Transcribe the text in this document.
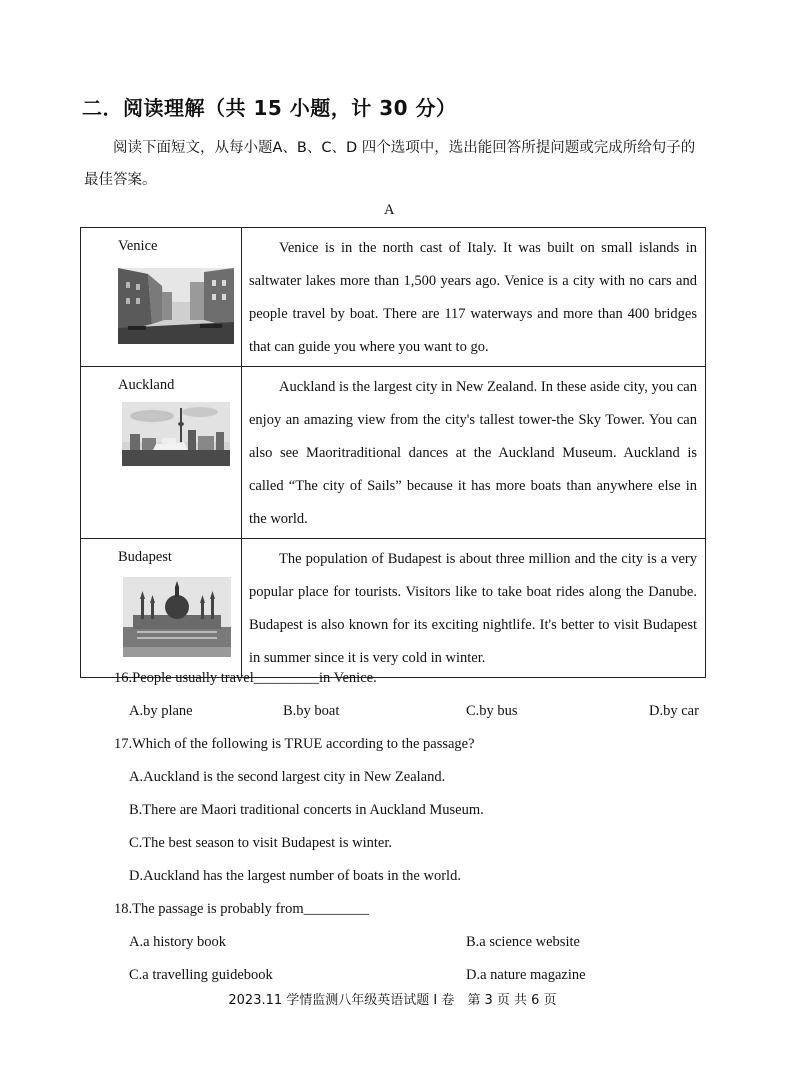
二．阅读理解（共 15 小题，计 30 分）
阅读下面短文，从每小题A、B、C、D 四个选项中，选出能回答所提问题或完成所给句子的最佳答案。
A
Venice	Venice is in the north cast of Italy. It was built on small islands in saltwater lakes more than 1,500 years ago. Venice is a city with no cars and people travel by boat. There are 117 waterways and more than 400 bridges that can guide you where you want to go.

Auckland	Auckland is the largest city in New Zealand. In these aside city, you can enjoy an amazing view from the city's tallest tower-the Sky Tower. You can also see Maoritraditional dances at the Auckland Museum. Auckland is called “The city of Sails” because it has more boats than anywhere else in the world.

Budapest	The population of Budapest is about three million and the city is a very popular place for tourists. Visitors like to take boat rides along the Danube. Budapest is also known for its exciting nightlife. It's better to visit Budapest in summer since it is very cold in winter.
16.People usually travel_________in Venice.
A.by plane	B.by boat	C.by bus	D.by car
17.Which of the following is TRUE according to the passage?
A.Auckland is the second largest city in New Zealand.
B.There are Maori traditional concerts in Auckland Museum.
C.The best season to visit Budapest is winter.
D.Auckland has the largest number of boats in the world.
18.The passage is probably from_________
A.a history book	B.a science website
C.a travelling guidebook	D.a nature magazine
2023.11 学情监测八年级英语试题 I 卷　第 3 页 共 6 页
